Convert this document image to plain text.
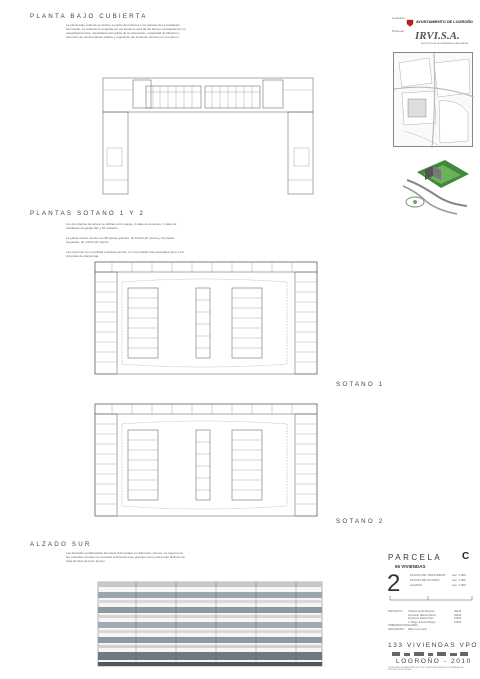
PLANTA BAJO CUBIERTA
La planta bajo cubierta se destina a cuarto de trasteros y los paneles de la instalación termosolar. La cubierta no ocupada por los trasteros será de las del tipo ecológicas por su capacidad térmica, capacidad intermedias de la reasoreción, capacidad de filtración y retención de contaminantes sólidos y regulación del ambiente térmico con el entorno.
PLANTAS SOTANO 1 Y 2
Los dos plantas de sótano se utilizan como garaje, 2 salas de contenes, 3 cajas de caballeras de garaje hay y 52 trasteros.
La planta sótano cuenta con 88 plazas grandes, de 5,00x2,40 metros y 24 plazas pequeñas, de 4,50x2,20 metros.
Las personas con movilidad reducida cuentan con tres plazas más accesibles junto a los viviendas de planta baja.
SOTANO 1
SOTANO 2
ALZADO SUR
Las fachadas prefabricadas las líneas horizontales en diferentes colores. La mayoría de las viviendas cuentan con terrazas suficientemente grandes como para poder disfrutar de ellas las días de buen tiempo.
Concurso
AYUNTAMIENTO DE LOGROÑO
Promotor IRVI.S.A.
INSTITUTO DE LA VIVIENDA DE LA RIOJA S.A.
PARCELA C
65 VIVIENDAS
2	PLANTA DE TRASTEROS esc: 1:300
PLANTA DE SOTANO	esc: 1:300
ALZADO	esc: 1:300
PROYECTO: Cristina Gorla Martínez	09126
Fernando Marcos Pérez	09943
Francisco Ruano Ruiz	10356
J. Diego Jiménez Burgo	10426
URBANIZACION:ALVARA
INFOGRAFIA: Dillon Luis Herio
133 VIVIENDAS VPO
LOGROÑO - 2010
CONCURSO DE ANTEPROYECTOS Y EDIFICACIONES DE VIVIENDAS DE PROTECCION OFICIAL
